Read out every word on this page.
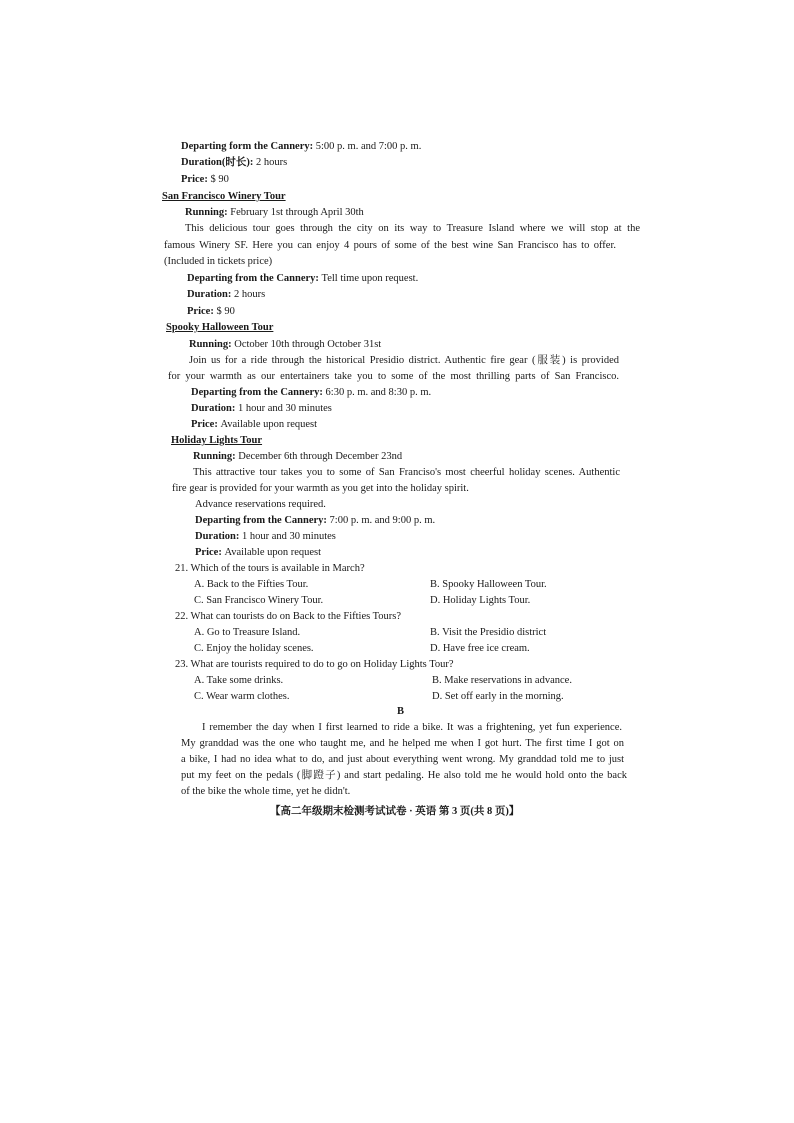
Departing form the Cannery: 5:00 p. m. and 7:00 p. m.
Duration(时长): 2 hours
Price: $ 90
San Francisco Winery Tour
Running: February 1st through April 30th
This delicious tour goes through the city on its way to Treasure Island where we will stop at the
famous Winery SF. Here you can enjoy 4 pours of some of the best wine San Francisco has to offer.
(Included in tickets price)
Departing from the Cannery: Tell time upon request.
Duration: 2 hours
Price: $ 90
Spooky Halloween Tour
Running: October 10th through October 31st
Join us for a ride through the historical Presidio district. Authentic fire gear (服装) is provided
for your warmth as our entertainers take you to some of the most thrilling parts of San Francisco.
Departing from the Cannery: 6:30 p. m. and 8:30 p. m.
Duration: 1 hour and 30 minutes
Price: Available upon request
Holiday Lights Tour
Running: December 6th through December 23nd
This attractive tour takes you to some of San Franciso's most cheerful holiday scenes. Authentic
fire gear is provided for your warmth as you get into the holiday spirit.
Advance reservations required.
Departing from the Cannery: 7:00 p. m. and 9:00 p. m.
Duration: 1 hour and 30 minutes
Price: Available upon request
21. Which of the tours is available in March?
A. Back to the Fifties Tour.	B. Spooky Halloween Tour.
C. San Francisco Winery Tour.	D. Holiday Lights Tour.
22. What can tourists do on Back to the Fifties Tours?
A. Go to Treasure Island.	B. Visit the Presidio district
C. Enjoy the holiday scenes.	D. Have free ice cream.
23. What are tourists required to do to go on Holiday Lights Tour?
A. Take some drinks.	B. Make reservations in advance.
C. Wear warm clothes.	D. Set off early in the morning.
B
I remember the day when I first learned to ride a bike. It was a frightening, yet fun experience.
My granddad was the one who taught me, and he helped me when I got hurt. The first time I got on
a bike, I had no idea what to do, and just about everything went wrong. My granddad told me to just
put my feet on the pedals (脚蹬子) and start pedaling. He also told me he would hold onto the back
of the bike the whole time, yet he didn't.
【高二年级期末检测考试试卷 · 英语 第 3 页(共 8 页)】
